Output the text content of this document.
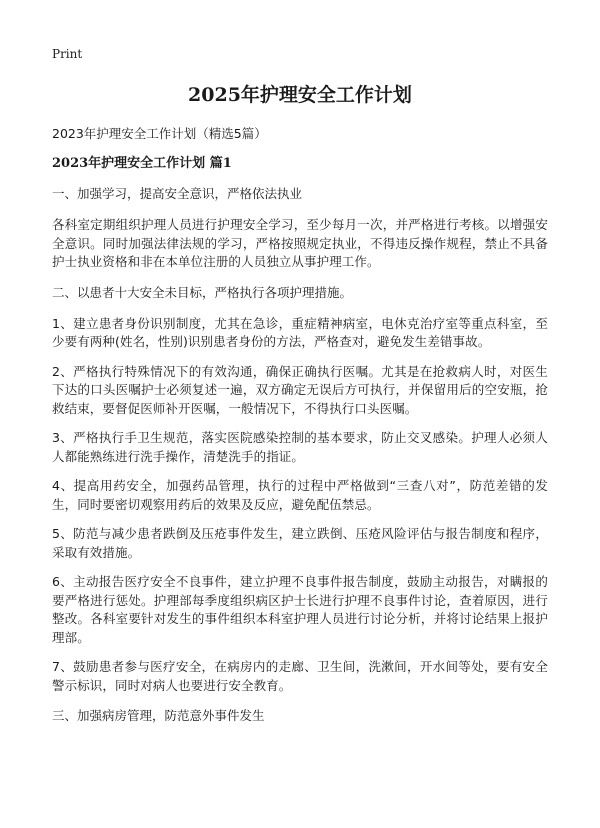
Print
2025年护理安全工作计划
2023年护理安全工作计划（精选5篇）
2023年护理安全工作计划 篇1
一、加强学习，提高安全意识，严格依法执业

各科室定期组织护理人员进行护理安全学习，至少每月一次，并严格进行考核。以增强安全意识。同时加强法律法规的学习，严格按照规定执业，不得违反操作规程，禁止不具备护士执业资格和非在本单位注册的人员独立从事护理工作。

二、以患者十大安全未目标，严格执行各项护理措施。

1、建立患者身份识别制度，尤其在急诊，重症精神病室，电休克治疗室等重点科室，至少要有两种(姓名，性别)识别患者身份的方法，严格查对，避免发生差错事故。

2、严格执行特殊情况下的有效沟通，确保正确执行医嘱。尤其是在抢救病人时，对医生下达的口头医嘱护士必须复述一遍，双方确定无误后方可执行，并保留用后的空安瓶，抢救结束，要督促医师补开医嘱，一般情况下，不得执行口头医嘱。

3、严格执行手卫生规范，落实医院感染控制的基本要求，防止交叉感染。护理人必须人人都能熟练进行洗手操作，清楚洗手的指证。

4、提高用药安全，加强药品管理，执行的过程中严格做到“三查八对”，防范差错的发生，同时要密切观察用药后的效果及反应，避免配伍禁忌。

5、防范与减少患者跌倒及压疮事件发生，建立跌倒、压疮风险评估与报告制度和程序，采取有效措施。

6、主动报告医疗安全不良事件，建立护理不良事件报告制度，鼓励主动报告，对瞒报的要严格进行惩处。护理部每季度组织病区护士长进行护理不良事件讨论，查着原因，进行整改。各科室要针对发生的事件组织本科室护理人员进行讨论分析，并将讨论结果上报护理部。

7、鼓励患者参与医疗安全，在病房内的走廊、卫生间，洗漱间，开水间等处，要有安全警示标识，同时对病人也要进行安全教育。

三、加强病房管理，防范意外事件发生
